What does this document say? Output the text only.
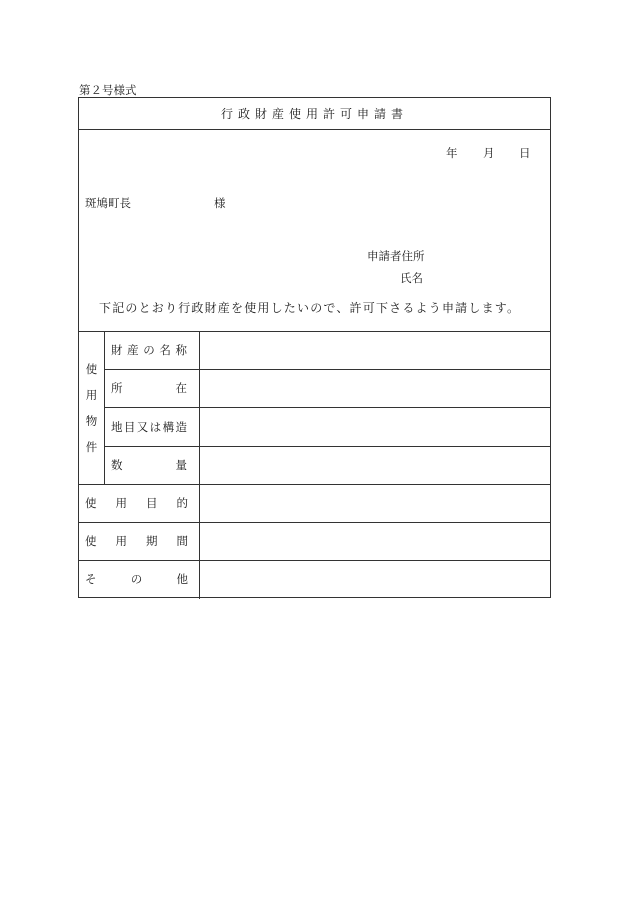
第２号様式
行政財産使用許可申請書
年 月 日
斑鳩町長	様
申請者住所
氏名
下記のとおり行政財産を使用したいので、許可下さるよう申請します。
使
用
物
件
財 産 の 名 称
所	在
地 目 又 は 構 造
数	量
使 用 目 的
使 用 期 間
そ	の	他
